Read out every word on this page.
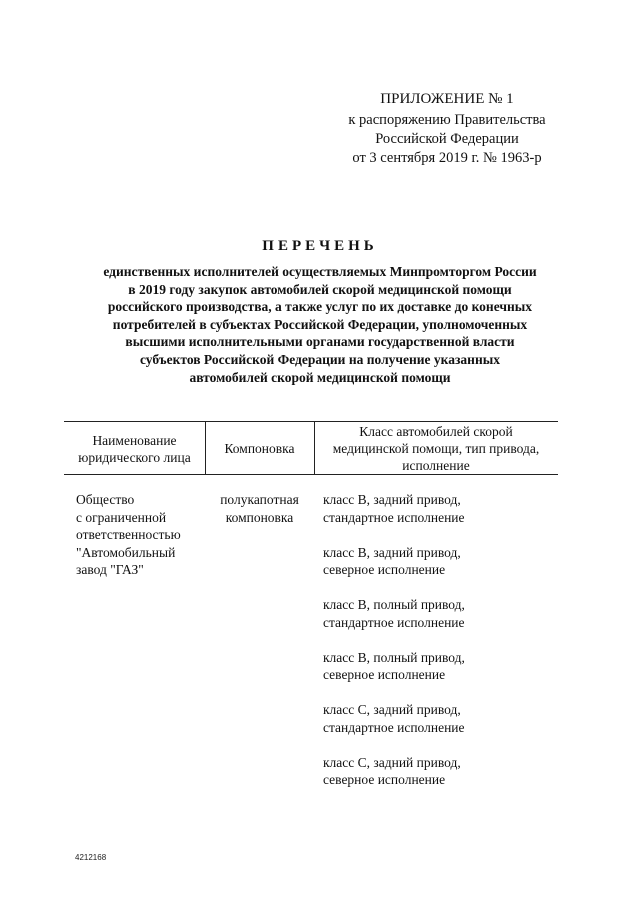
ПРИЛОЖЕНИЕ № 1
к распоряжению Правительства
Российской Федерации
от 3 сентября 2019 г. № 1963-р
ПЕРЕЧЕНЬ
единственных исполнителей осуществляемых Минпромторгом России
в 2019 году закупок автомобилей скорой медицинской помощи
российского производства, а также услуг по их доставке до конечных
потребителей в субъектах Российской Федерации, уполномоченных
высшими исполнительными органами государственной власти
субъектов Российской Федерации на получение указанных
автомобилей скорой медицинской помощи
Наименование
юридического лица
Компоновка
Класс автомобилей скорой
медицинской помощи, тип привода,
исполнение
Общество
с ограниченной
ответственностью
"Автомобильный
завод "ГАЗ"
полукапотная
компоновка
класс В, задний привод,
стандартное исполнение
класс В, задний привод,
северное исполнение
класс В, полный привод,
стандартное исполнение
класс В, полный привод,
северное исполнение
класс С, задний привод,
стандартное исполнение
класс С, задний привод,
северное исполнение
4212168
